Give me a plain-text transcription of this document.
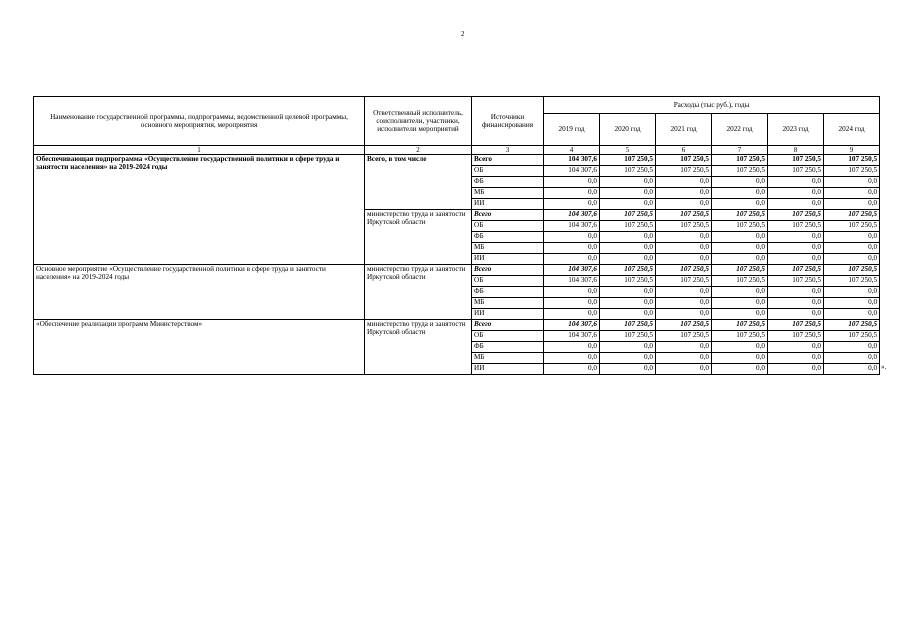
2
Наименование государственной программы, подпрограммы, ведомственной целевой программы, основного мероприятия, мероприятия	Ответственный исполнитель, соисполнители, участники, исполнители мероприятий	Источники финансирования	Расходы (тыс руб.), годы					
			2019 год	2020 год	2021 год	2022 год	2023 год	2024 год
1	2	3	4	5	6	7	8	9
Обеспечивающая подпрограмма «Осуществление государственной политики в сфере труда и занятости населения» на 2019-2024 годы	Всего, в том числе	Всего	104 307,6	107 250,5	107 250,5	107 250,5	107 250,5	107 250,5
		ОБ	104 307,6	107 250,5	107 250,5	107 250,5	107 250,5	107 250,5
		ФБ	0,0	0,0	0,0	0,0	0,0	0,0
		МБ	0,0	0,0	0,0	0,0	0,0	0,0
		ИИ	0,0	0,0	0,0	0,0	0,0	0,0
	министерство труда и занятости Иркутской области	Всего	104 307,6	107 250,5	107 250,5	107 250,5	107 250,5	107 250,5
		ОБ	104 307,6	107 250,5	107 250,5	107 250,5	107 250,5	107 250,5
		ФБ	0,0	0,0	0,0	0,0	0,0	0,0
		МБ	0,0	0,0	0,0	0,0	0,0	0,0
		ИИ	0,0	0,0	0,0	0,0	0,0	0,0
Основное мероприятие «Осуществление государственной политики в сфере труда и занятости населения» на 2019-2024 годы	министерство труда и занятости Иркутской области	Всего	104 307,6	107 250,5	107 250,5	107 250,5	107 250,5	107 250,5
		ОБ	104 307,6	107 250,5	107 250,5	107 250,5	107 250,5	107 250,5
		ФБ	0,0	0,0	0,0	0,0	0,0	0,0
		МБ	0,0	0,0	0,0	0,0	0,0	0,0
		ИИ	0,0	0,0	0,0	0,0	0,0	0,0
«Обеспечение реализации программ Министерством»	министерство труда и занятости Иркутской области	Всего	104 307,6	107 250,5	107 250,5	107 250,5	107 250,5	107 250,5
		ОБ	104 307,6	107 250,5	107 250,5	107 250,5	107 250,5	107 250,5
		ФБ	0,0	0,0	0,0	0,0	0,0	0,0
		МБ	0,0	0,0	0,0	0,0	0,0	0,0
		ИИ	0,0	0,0	0,0	0,0	0,0	0,0 ».
